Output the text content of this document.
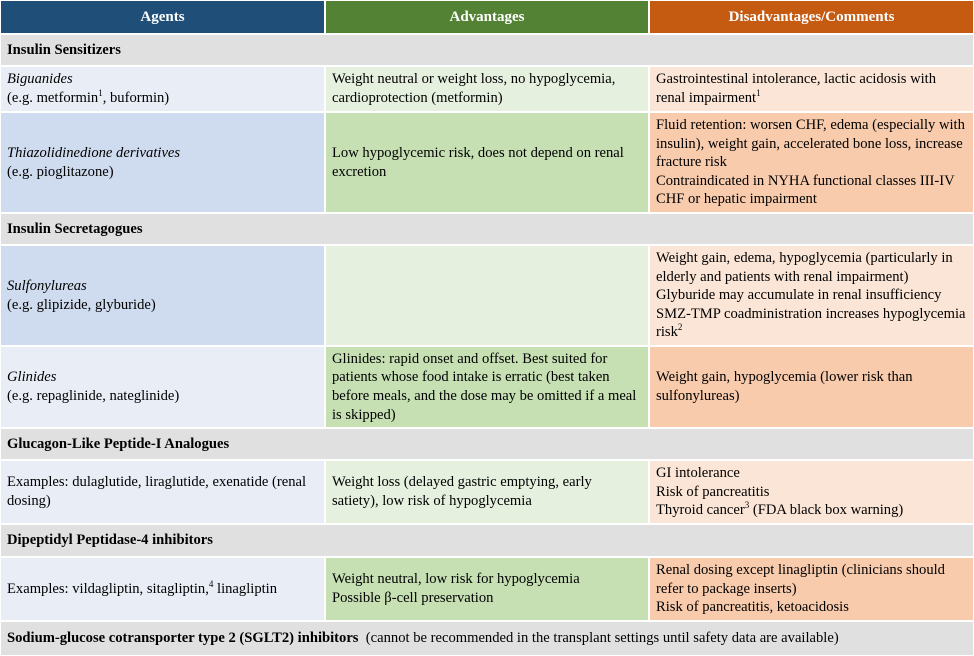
Agents	Advantages	Disadvantages/Comments
Insulin Sensitizers
Biguanides
(e.g. metformin$^1$, buformin)
Weight neutral or weight loss, no hypoglycemia, cardioprotection (metformin)
Gastrointestinal intolerance, lactic acidosis with renal impairment$^1$
Thiazolidinedione derivatives
(e.g. pioglitazone)
Low hypoglycemic risk, does not depend on renal excretion
Fluid retention: worsen CHF, edema (especially with insulin), weight gain, accelerated bone loss, increase fracture risk
Contraindicated in NYHA functional classes III-IV CHF or hepatic impairment
Insulin Secretagogues
Sulfonylureas
(e.g. glipizide, glyburide)
Weight gain, edema, hypoglycemia (particularly in elderly and patients with renal impairment)
Glyburide may accumulate in renal insufficiency
SMZ-TMP coadministration increases hypoglycemia risk$^2$
Glinides
(e.g. repaglinide, nateglinide)
Glinides: rapid onset and offset. Best suited for patients whose food intake is erratic (best taken before meals, and the dose may be omitted if a meal is skipped)
Weight gain, hypoglycemia (lower risk than sulfonylureas)
Glucagon-Like Peptide-I Analogues
Examples: dulaglutide, liraglutide, exenatide (renal dosing)
Weight loss (delayed gastric emptying, early satiety), low risk of hypoglycemia
GI intolerance
Risk of pancreatitis
Thyroid cancer$^3$ (FDA black box warning)
Dipeptidyl Peptidase-4 inhibitors
Examples: vildagliptin, sitagliptin,$^4$ linagliptin
Weight neutral, low risk for hypoglycemia
Possible β-cell preservation
Renal dosing except linagliptin (clinicians should refer to package inserts)
Risk of pancreatitis, ketoacidosis
Sodium-glucose cotransporter type 2 (SGLT2) inhibitors (cannot be recommended in the transplant settings until safety data are available)
